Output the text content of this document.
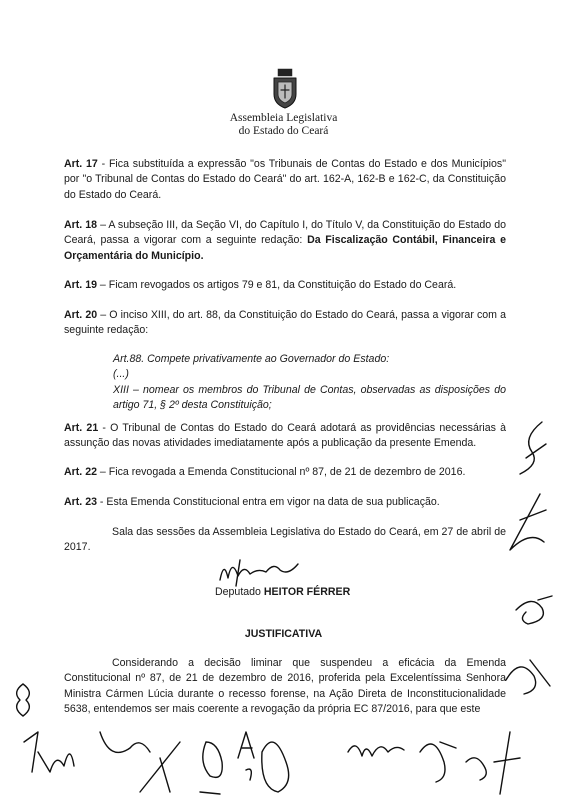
Assembleia Legislativa
do Estado do Ceará
Art. 17 - Fica substituída a expressão "os Tribunais de Contas do Estado e dos Municípios" por "o Tribunal de Contas do Estado do Ceará" do art. 162-A, 162-B e 162-C, da Constituição do Estado do Ceará.
Art. 18 – A subseção III, da Seção VI, do Capítulo I, do Título V, da Constituição do Estado do Ceará, passa a vigorar com a seguinte redação: Da Fiscalização Contábil, Financeira e Orçamentária do Município.
Art. 19 – Ficam revogados os artigos 79 e 81, da Constituição do Estado do Ceará.
Art. 20 – O inciso XIII, do art. 88, da Constituição do Estado do Ceará, passa a vigorar com a seguinte redação:
Art.88. Compete privativamente ao Governador do Estado:
(...)
XIII – nomear os membros do Tribunal de Contas, observadas as disposições do artigo 71, § 2º desta Constituição;
Art. 21 - O Tribunal de Contas do Estado do Ceará adotará as providências necessárias à assunção das novas atividades imediatamente após a publicação da presente Emenda.
Art. 22 – Fica revogada a Emenda Constitucional nº 87, de 21 de dezembro de 2016.
Art. 23 - Esta Emenda Constitucional entra em vigor na data de sua publicação.
Sala das sessões da Assembleia Legislativa do Estado do Ceará, em 27 de abril de 2017.
Deputado HEITOR FÉRRER
JUSTIFICATIVA
Considerando a decisão liminar que suspendeu a eficácia da Emenda Constitucional nº 87, de 21 de dezembro de 2016, proferida pela Excelentíssima Senhora Ministra Cármen Lúcia durante o recesso forense, na Ação Direta de Inconstitucionalidade 5638, entendemos ser mais coerente a revogação da própria EC 87/2016, para que este
